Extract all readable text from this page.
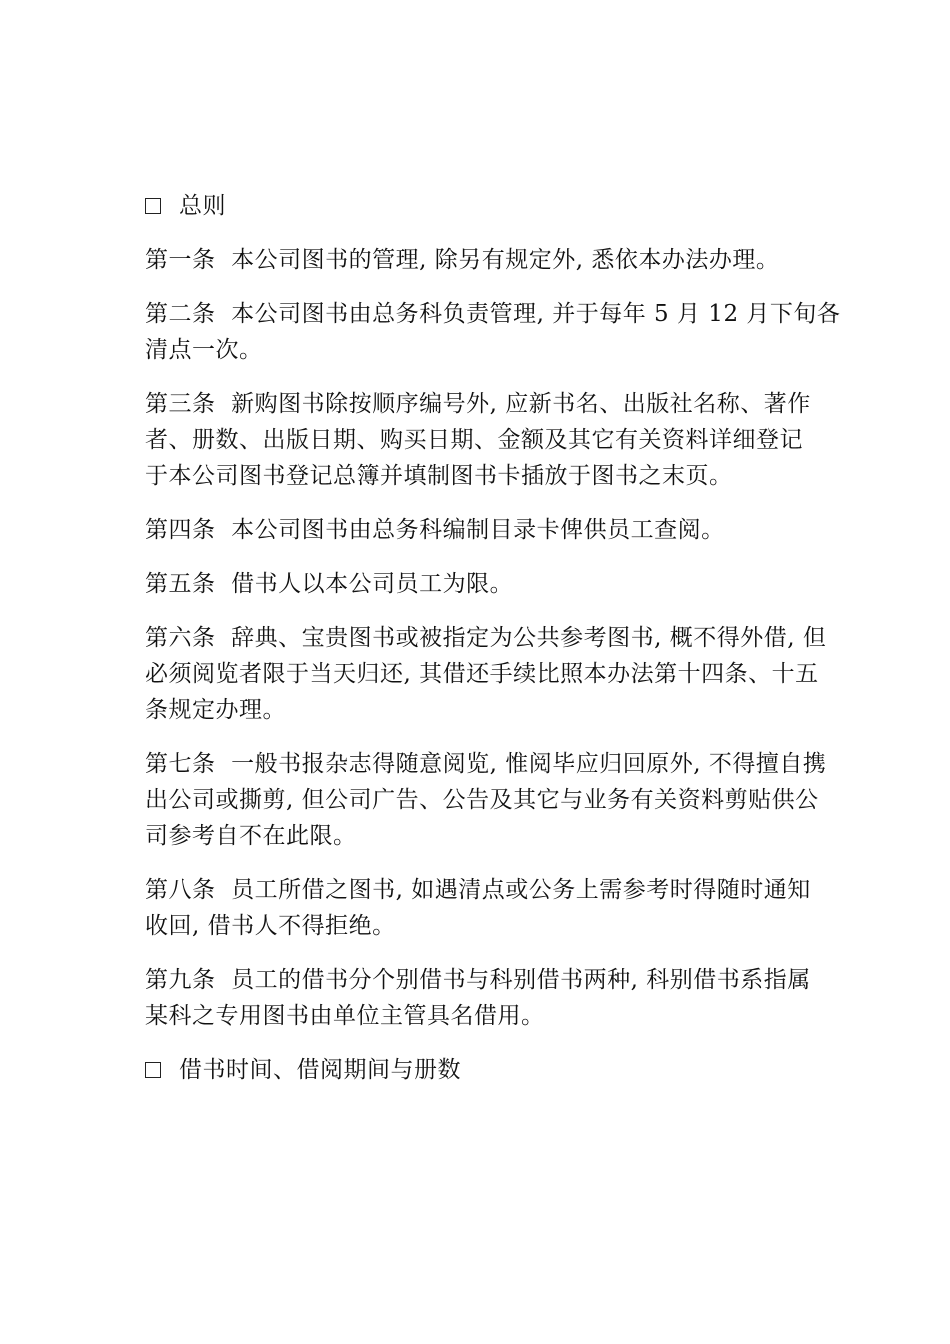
总则
第一条  本公司图书的管理, 除另有规定外, 悉依本办法办理。
第二条  本公司图书由总务科负责管理, 并于每年 5 月 12 月下旬各
清点一次。
第三条  新购图书除按顺序编号外, 应新书名、出版社名称、著作
者、册数、出版日期、购买日期、金额及其它有关资料详细登记
于本公司图书登记总簿并填制图书卡插放于图书之末页。
第四条  本公司图书由总务科编制目录卡俾供员工查阅。
第五条  借书人以本公司员工为限。
第六条  辞典、宝贵图书或被指定为公共参考图书, 概不得外借, 但
必须阅览者限于当天归还, 其借还手续比照本办法第十四条、十五
条规定办理。
第七条  一般书报杂志得随意阅览, 惟阅毕应归回原外, 不得擅自携
出公司或撕剪, 但公司广告、公告及其它与业务有关资料剪贴供公
司参考自不在此限。
第八条  员工所借之图书, 如遇清点或公务上需参考时得随时通知
收回, 借书人不得拒绝。
第九条  员工的借书分个别借书与科别借书两种, 科别借书系指属
某科之专用图书由单位主管具名借用。
借书时间、借阅期间与册数
